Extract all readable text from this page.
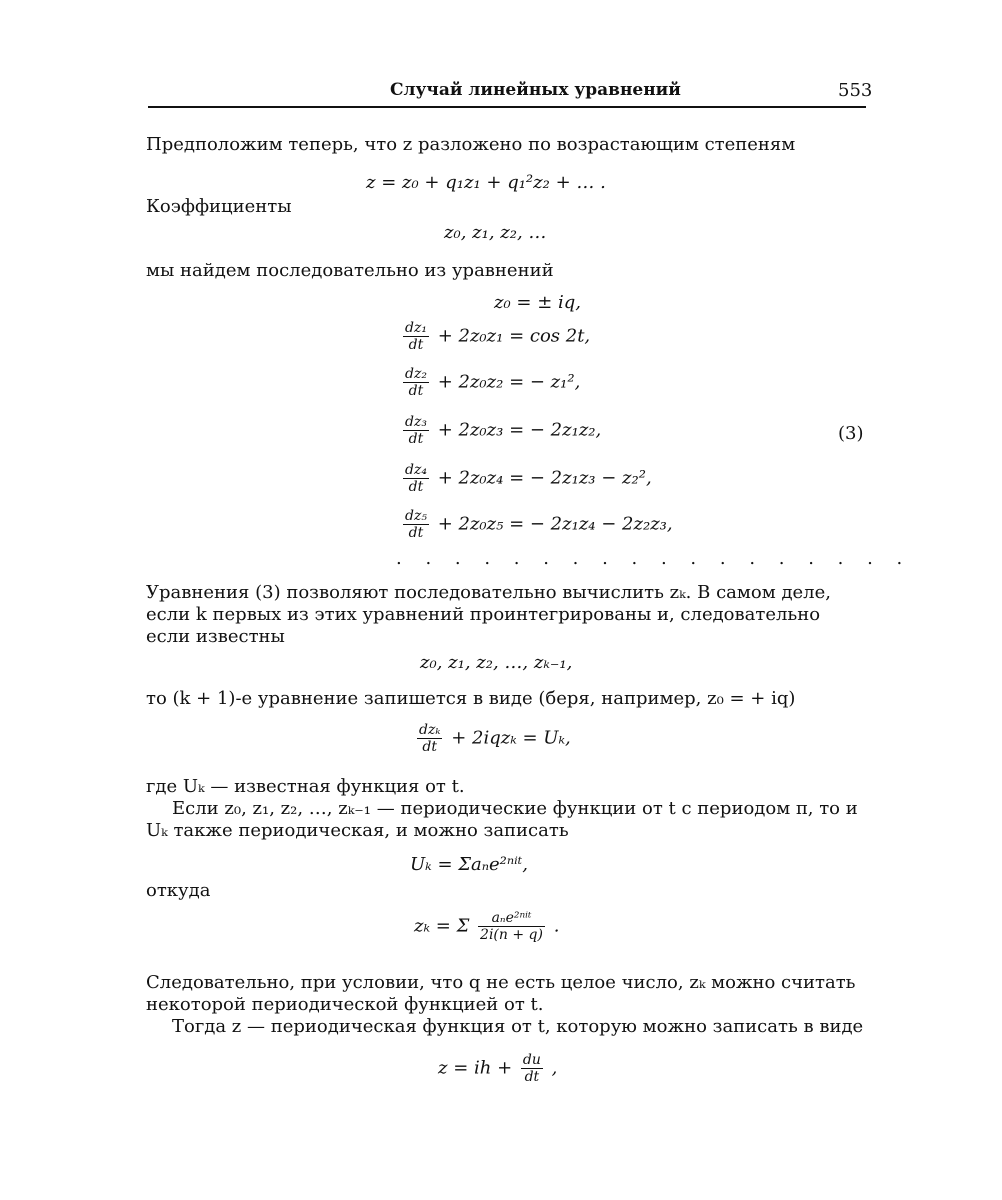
Случай линейных уравнений	553

Предположим теперь, что z разложено по возрастающим степеням

z = z₀ + q₁z₁ + q₁²z₂ + … .

Коэффициенты

z₀, z₁, z₂, …

мы найдем последовательно из уравнений

z₀ = ± iq,
$\frac{\text{dz₁}}{dt} + 2z_0z_1 = \cos 2t$,
$\frac{\text{dz₂}}{dt} + 2z_0z_2$ = − z₁²,
$\frac{\text{dz₃}}{dt} + 2z_0z_3$ = − 2z₁z₂,
$\frac{\text{dz₄}}{dt} + 2z_0z_4$ = − 2z₁z₃ − z₂²,
$\frac{\text{dz₅}}{dt} + 2z_0z_5$ = − 2z₁z₄ − 2z₂z₃,
. . . . . . . . . . . . . . . . . .
(3)

Уравнения (3) позволяют последовательно вычислить zₖ. В самом деле, если k первых из этих уравнений проинтегрированы и, следовательно если известны

z₀, z₁, z₂, …, zₖ₋₁,

то (k + 1)-е уравнение запишется в виде (беря, например, z₀ = + iq)

$\frac{\text{dzₖ}}{dt} + 2iqz_k = U_k$,

где Uₖ — известная функция от t.

Если z₀, z₁, z₂, …, zₖ₋₁ — периодические функции от t с периодом π, то и Uₖ также периодическая, и можно записать

Uₖ = Σaₙe²ⁿⁱᵗ,

откуда

zₖ = Σ $\frac{\text{aₙe²ⁿⁱᵗ}}{2i(n + q)}$ .

Следовательно, при условии, что q не есть целое число, zₖ можно считать некоторой периодической функцией от t.

Тогда z — периодическая функция от t, которую можно записать в виде

z = ih + $\frac{du}{dt}$ ,
